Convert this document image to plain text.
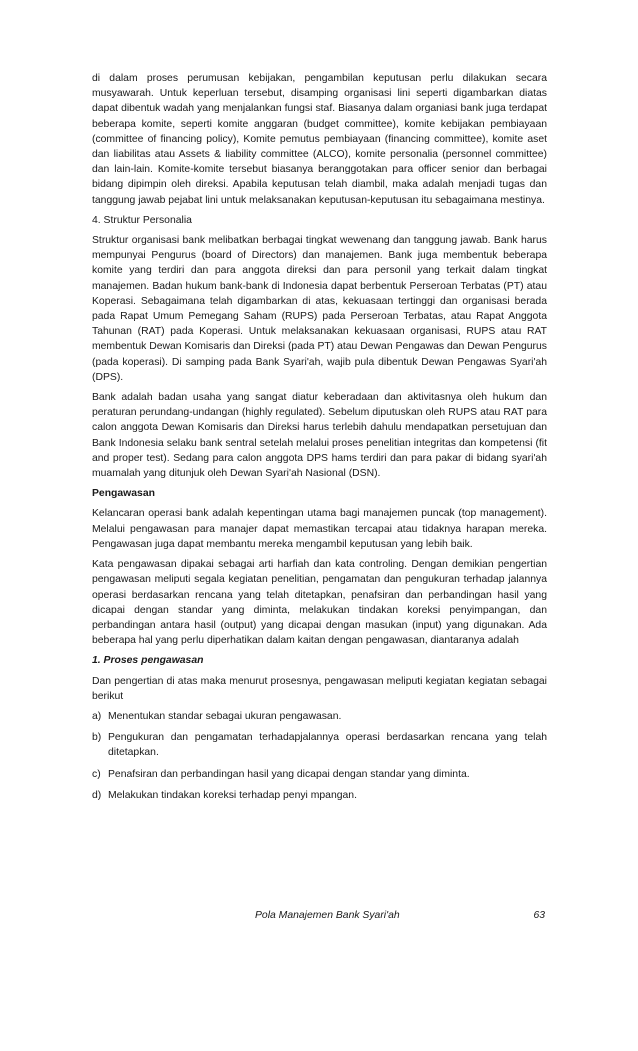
di dalam proses perumusan kebijakan, pengambilan keputusan perlu dilakukan secara musyawarah. Untuk keperluan tersebut, disamping organisasi lini seperti digambarkan diatas dapat dibentuk wadah yang menjalankan fungsi staf. Biasanya dalam organiasi bank juga terdapat beberapa komite, seperti komite anggaran (budget committee), komite kebijakan pembiayaan (committee of financing policy), Komite pemutus pembiayaan (financing committee), komite aset dan liabilitas atau Assets & liability committee (ALCO), komite personalia (personnel committee) dan lain-lain. Komite-komite tersebut biasanya beranggotakan para officer senior dan berbagai bidang dipimpin oleh direksi. Apabila keputusan telah diambil, maka adalah menjadi tugas dan tanggung jawab pejabat lini untuk melaksanakan keputusan-keputusan itu sebagaimana mestinya.

4. Struktur Personalia

Struktur organisasi bank melibatkan berbagai tingkat wewenang dan tanggung jawab. Bank harus mempunyai Pengurus (board of Directors) dan manajemen. Bank juga membentuk beberapa komite yang terdiri dan para anggota direksi dan para personil yang terkait dalam tingkat manajemen. Badan hukum bank-bank di Indonesia dapat berbentuk Perseroan Terbatas (PT) atau Koperasi. Sebagaimana telah digambarkan di atas, kekuasaan tertinggi dan organisasi berada pada Rapat Umum Pemegang Saham (RUPS) pada Perseroan Terbatas, atau Rapat Anggota Tahunan (RAT) pada Koperasi. Untuk melaksanakan kekuasaan organisasi, RUPS atau RAT membentuk Dewan Komisaris dan Direksi (pada PT) atau Dewan Pengawas dan Dewan Pengurus (pada koperasi). Di samping pada Bank Syari'ah, wajib pula dibentuk Dewan Pengawas Syari'ah (DPS).

Bank adalah badan usaha yang sangat diatur keberadaan dan aktivitasnya oleh hukum dan peraturan perundang-undangan (highly regulated). Sebelum diputuskan oleh RUPS atau RAT para calon anggota Dewan Komisaris dan Direksi harus terlebih dahulu mendapatkan persetujuan dan Bank Indonesia selaku bank sentral setelah melalui proses penelitian integritas dan kompetensi (fit and proper test). Sedang para calon anggota DPS hams terdiri dan para pakar di bidang syari'ah muamalah yang ditunjuk oleh Dewan Syari'ah Nasional (DSN).

Pengawasan

Kelancaran operasi bank adalah kepentingan utama bagi manajemen puncak (top management). Melalui pengawasan para manajer dapat memastikan tercapai atau tidaknya harapan mereka. Pengawasan juga dapat membantu mereka mengambil keputusan yang lebih baik.

Kata pengawasan dipakai sebagai arti harfiah dan kata controling. Dengan demikian pengertian pengawasan meliputi segala kegiatan penelitian, pengamatan dan pengukuran terhadap jalannya operasi berdasarkan rencana yang telah ditetapkan, penafsiran dan perbandingan hasil yang dicapai dengan standar yang diminta, melakukan tindakan koreksi penyimpangan, dan perbandingan antara hasil (output) yang dicapai dengan masukan (input) yang digunakan. Ada beberapa hal yang perlu diperhatikan dalam kaitan dengan pengawasan, diantaranya adalah

1. Proses pengawasan

Dan pengertian di atas maka menurut prosesnya, pengawasan meliputi kegiatan kegiatan sebagai berikut

a) Menentukan standar sebagai ukuran pengawasan.
b) Pengukuran dan pengamatan terhadapjalannya operasi berdasarkan rencana yang telah ditetapkan.
c) Penafsiran dan perbandingan hasil yang dicapai dengan standar yang diminta.
d) Melakukan tindakan koreksi terhadap penyi mpangan.
Pola Manajemen Bank Syari'ah	63
